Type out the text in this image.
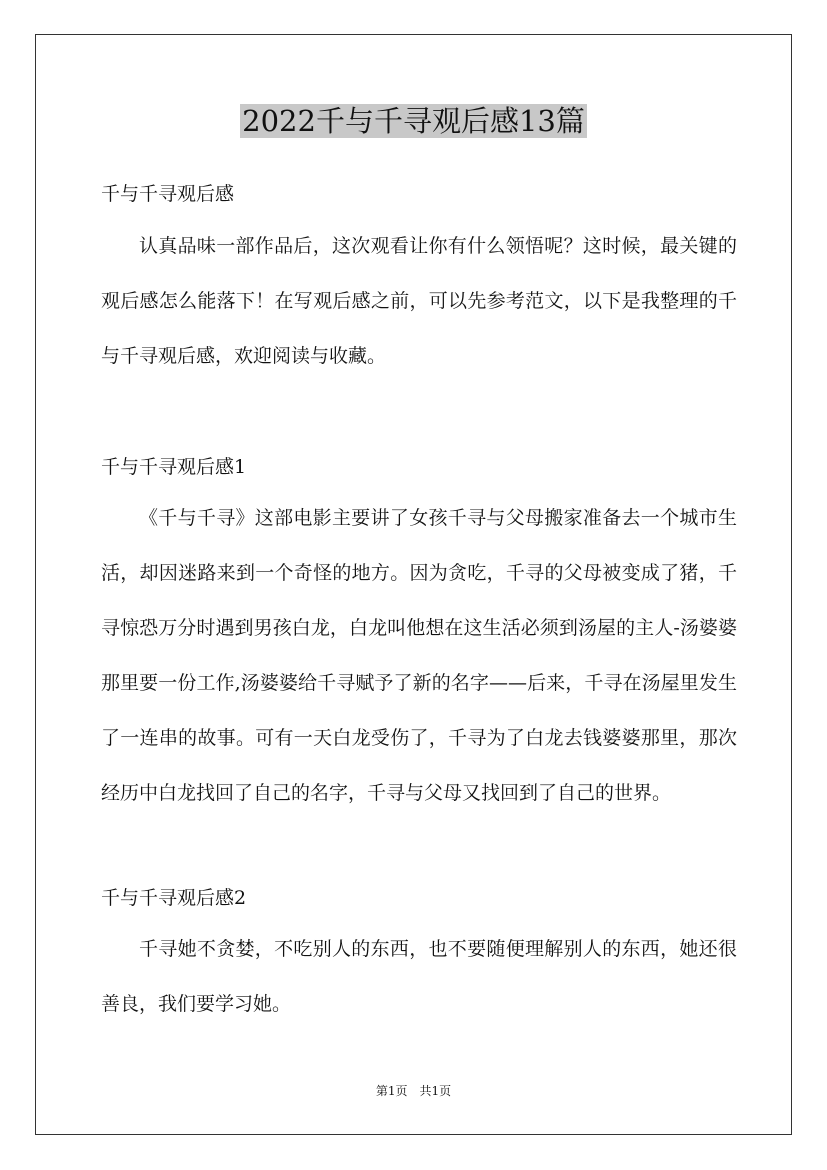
2022千与千寻观后感13篇
千与千寻观后感
认真品味一部作品后，这次观看让你有什么领悟呢？这时候，最关键的观后感怎么能落下！在写观后感之前，可以先参考范文，以下是我整理的千与千寻观后感，欢迎阅读与收藏。
千与千寻观后感1
《千与千寻》这部电影主要讲了女孩千寻与父母搬家准备去一个城市生活，却因迷路来到一个奇怪的地方。因为贪吃，千寻的父母被变成了猪，千寻惊恐万分时遇到男孩白龙，白龙叫他想在这生活必须到汤屋的主人-汤婆婆那里要一份工作,汤婆婆给千寻赋予了新的名字——后来，千寻在汤屋里发生了一连串的故事。可有一天白龙受伤了，千寻为了白龙去钱婆婆那里，那次经历中白龙找回了自己的名字，千寻与父母又找回到了自己的世界。
千与千寻观后感2
千寻她不贪婪，不吃别人的东西，也不要随便理解别人的东西，她还很善良，我们要学习她。
第1页　共1页
